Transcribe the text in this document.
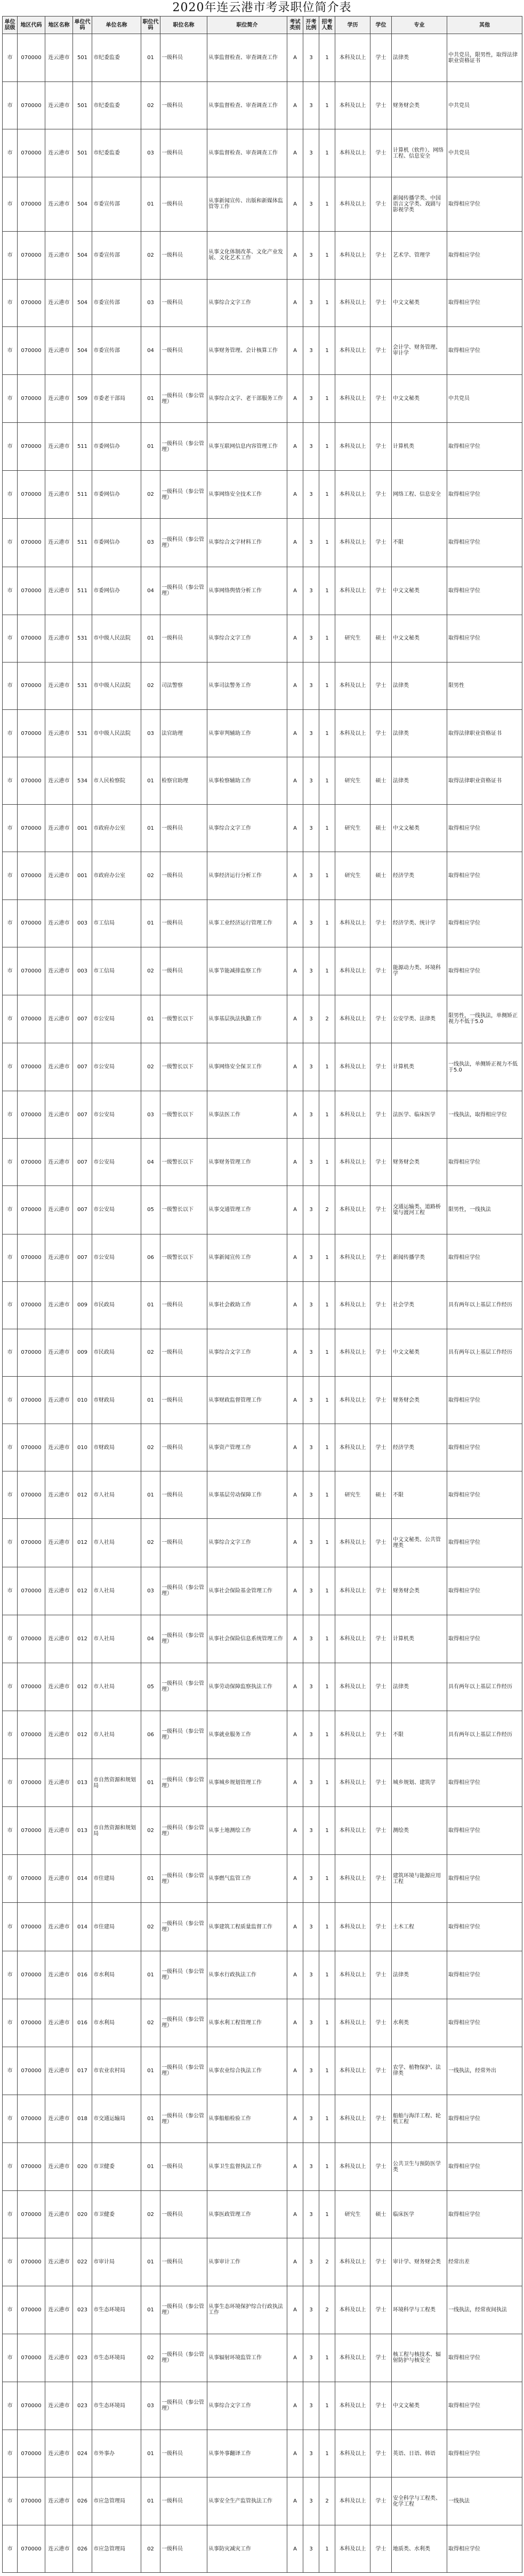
2020年连云港市考录职位简介表
单位层级	地区代码	地区名称	单位代码	单位名称	职位代码	职位名称	职位简介	考试类别	开考比例	招考人数	学历	学位	专业	其他
市	070000	连云港市	501	市纪委监委	01	一级科员	从事监督检查、审查调查工作	A	3	1	本科及以上	学士	法律类	中共党员，限男性，取得法律职业资格证书
市	070000	连云港市	501	市纪委监委	02	一级科员	从事监督检查、审查调查工作	A	3	1	本科及以上	学士	财务财会类	中共党员
市	070000	连云港市	501	市纪委监委	03	一级科员	从事监督检查、审查调查工作	A	3	1	本科及以上	学士	计算机（软件）、网络工程、信息安全	中共党员
市	070000	连云港市	504	市委宣传部	01	一级科员	从事新闻宣传、出版和新媒体监管等工作	A	3	1	本科及以上	学士	新闻传播学类、中国语言文学类、戏剧与影视学类	取得相应学位
市	070000	连云港市	504	市委宣传部	02	一级科员	从事文化体制改革、文化产业发展、文化艺术工作	A	3	1	本科及以上	学士	艺术学、管理学	取得相应学位
市	070000	连云港市	504	市委宣传部	03	一级科员	从事综合文字工作	A	3	1	本科及以上	学士	中文文秘类	取得相应学位
市	070000	连云港市	504	市委宣传部	04	一级科员	从事财务管理、会计核算工作	A	3	1	本科及以上	学士	会计学、财务管理、审计学	取得相应学位
市	070000	连云港市	509	市委老干部局	01	一级科员（参公管理）	从事综合文字、老干部服务工作	A	3	1	本科及以上	学士	中文文秘类	中共党员
市	070000	连云港市	511	市委网信办	01	一级科员（参公管理）	从事互联网信息内容管理工作	A	3	1	本科及以上	学士	计算机类	取得相应学位
市	070000	连云港市	511	市委网信办	02	一级科员（参公管理）	从事网络安全技术工作	A	3	1	本科及以上	学士	网络工程、信息安全	取得相应学位
市	070000	连云港市	511	市委网信办	03	一级科员（参公管理）	从事综合文字材料工作	A	3	1	本科及以上	学士	不限	取得相应学位
市	070000	连云港市	511	市委网信办	04	一级科员（参公管理）	从事网络舆情分析工作	A	3	1	本科及以上	学士	中文文秘类	取得相应学位
市	070000	连云港市	531	市中级人民法院	01	一级科员	从事综合文字工作	A	3	1	研究生	硕士	中文文秘类	取得相应学位
市	070000	连云港市	531	市中级人民法院	02	司法警察	从事司法警务工作	A	3	1	本科及以上	学士	法律类	限男性
市	070000	连云港市	531	市中级人民法院	03	法官助理	从事审判辅助工作	A	3	1	本科及以上	学士	法律类	取得法律职业资格证书
市	070000	连云港市	534	市人民检察院	01	检察官助理	从事检察辅助工作	A	3	1	研究生	硕士	法律类	取得法律职业资格证书
市	070000	连云港市	001	市政府办公室	01	一级科员	从事综合文字工作	A	3	1	研究生	硕士	中文文秘类	取得相应学位
市	070000	连云港市	001	市政府办公室	02	一级科员	从事经济运行分析工作	A	3	1	研究生	硕士	经济学类	取得相应学位
市	070000	连云港市	003	市工信局	01	一级科员	从事工业经济运行管理工作	A	3	1	本科及以上	学士	经济学类、统计学	取得相应学位
市	070000	连云港市	003	市工信局	02	一级科员	从事节能减排监察工作	A	3	1	本科及以上	学士	能源动力类、环境科学	取得相应学位
市	070000	连云港市	007	市公安局	01	一级警长以下	从事基层执法执勤工作	A	3	2	本科及以上	学士	公安学类、法律类	限男性，一线执法，单侧矫正视力不低于5.0
市	070000	连云港市	007	市公安局	02	一级警长以下	从事网络安全保卫工作	A	3	1	本科及以上	学士	计算机类	一线执法，单侧矫正视力不低于5.0
市	070000	连云港市	007	市公安局	03	一级警长以下	从事法医工作	A	3	1	本科及以上	学士	法医学、临床医学	一线执法，取得相应学位
市	070000	连云港市	007	市公安局	04	一级警长以下	从事财务管理工作	A	3	1	本科及以上	学士	财务财会类	取得相应学位
市	070000	连云港市	007	市公安局	05	一级警长以下	从事交通管理工作	A	3	2	本科及以上	学士	交通运输类、道路桥梁与渡河工程	限男性，一线执法
市	070000	连云港市	007	市公安局	06	一级警长以下	从事新闻宣传工作	A	3	1	本科及以上	学士	新闻传播学类	取得相应学位
市	070000	连云港市	009	市民政局	01	一级科员	从事社会救助工作	A	3	1	本科及以上	学士	社会学类	具有两年以上基层工作经历
市	070000	连云港市	009	市民政局	02	一级科员	从事综合文字工作	A	3	1	本科及以上	学士	中文文秘类	具有两年以上基层工作经历
市	070000	连云港市	010	市财政局	01	一级科员	从事财政监督管理工作	A	3	1	本科及以上	学士	财务财会类	取得相应学位
市	070000	连云港市	010	市财政局	02	一级科员	从事资产管理工作	A	3	1	本科及以上	学士	经济学类	取得相应学位
市	070000	连云港市	012	市人社局	01	一级科员	从事基层劳动保障工作	A	3	1	研究生	硕士	不限	取得相应学位
市	070000	连云港市	012	市人社局	02	一级科员	从事综合文字工作	A	3	1	本科及以上	学士	中文文秘类、公共管理类	取得相应学位
市	070000	连云港市	012	市人社局	03	一级科员（参公管理）	从事社会保险基金管理工作	A	3	1	本科及以上	学士	财务财会类	取得相应学位
市	070000	连云港市	012	市人社局	04	一级科员（参公管理）	从事社会保险信息系统管理工作	A	3	1	本科及以上	学士	计算机类	取得相应学位
市	070000	连云港市	012	市人社局	05	一级科员（参公管理）	从事劳动保障监察执法工作	A	3	1	本科及以上	学士	法律类	具有两年以上基层工作经历
市	070000	连云港市	012	市人社局	06	一级科员（参公管理）	从事就业服务工作	A	3	1	本科及以上	学士	不限	具有两年以上基层工作经历
市	070000	连云港市	013	市自然资源和规划局	01	一级科员（参公管理）	从事城乡规划管理工作	A	3	1	本科及以上	学士	城乡规划、建筑学	取得相应学位
市	070000	连云港市	013	市自然资源和规划局	02	一级科员（参公管理）	从事土地测绘工作	A	3	1	本科及以上	学士	测绘类	取得相应学位
市	070000	连云港市	014	市住建局	01	一级科员（参公管理）	从事燃气监管工作	A	3	1	本科及以上	学士	建筑环境与能源应用工程	取得相应学位
市	070000	连云港市	014	市住建局	02	一级科员（参公管理）	从事建筑工程质量监督工作	A	3	1	本科及以上	学士	土木工程	取得相应学位
市	070000	连云港市	016	市水利局	01	一级科员（参公管理）	从事水行政执法工作	A	3	1	本科及以上	学士	法律类	取得相应学位
市	070000	连云港市	016	市水利局	02	一级科员（参公管理）	从事水利工程管理工作	A	3	1	本科及以上	学士	水利类	取得相应学位
市	070000	连云港市	017	市农业农村局	01	一级科员（参公管理）	从事农业综合执法工作	A	3	1	本科及以上	学士	农学、植物保护、法律类	一线执法，经常外出
市	070000	连云港市	018	市交通运输局	01	一级科员（参公管理）	从事船舶检验工作	A	3	1	本科及以上	学士	船舶与海洋工程、轮机工程	取得相应学位
市	070000	连云港市	020	市卫健委	01	一级科员	从事卫生监督执法工作	A	3	1	本科及以上	学士	公共卫生与预防医学类	取得相应学位
市	070000	连云港市	020	市卫健委	02	一级科员	从事医政管理工作	A	3	1	研究生	硕士	临床医学	取得相应学位
市	070000	连云港市	022	市审计局	01	一级科员	从事审计工作	A	3	2	本科及以上	学士	审计学、财务财会类	经常出差
市	070000	连云港市	023	市生态环境局	01	一级科员（参公管理）	从事生态环境保护综合行政执法工作	A	3	2	本科及以上	学士	环境科学与工程类	一线执法，经常夜间执法
市	070000	连云港市	023	市生态环境局	02	一级科员（参公管理）	从事辐射环境监管工作	A	3	1	本科及以上	学士	核工程与核技术、辐射防护与核安全	取得相应学位
市	070000	连云港市	023	市生态环境局	03	一级科员（参公管理）	从事综合文字工作	A	3	1	本科及以上	学士	中文文秘类	取得相应学位
市	070000	连云港市	024	市外事办	01	一级科员	从事外事翻译工作	A	3	1	本科及以上	学士	英语、日语、韩语	取得相应学位
市	070000	连云港市	026	市应急管理局	01	一级科员	从事安全生产监管执法工作	A	3	2	本科及以上	学士	安全科学与工程类、化学工程	一线执法
市	070000	连云港市	026	市应急管理局	02	一级科员	从事防灾减灾工作	A	3	1	本科及以上	学士	地质类、水利类	取得相应学位
